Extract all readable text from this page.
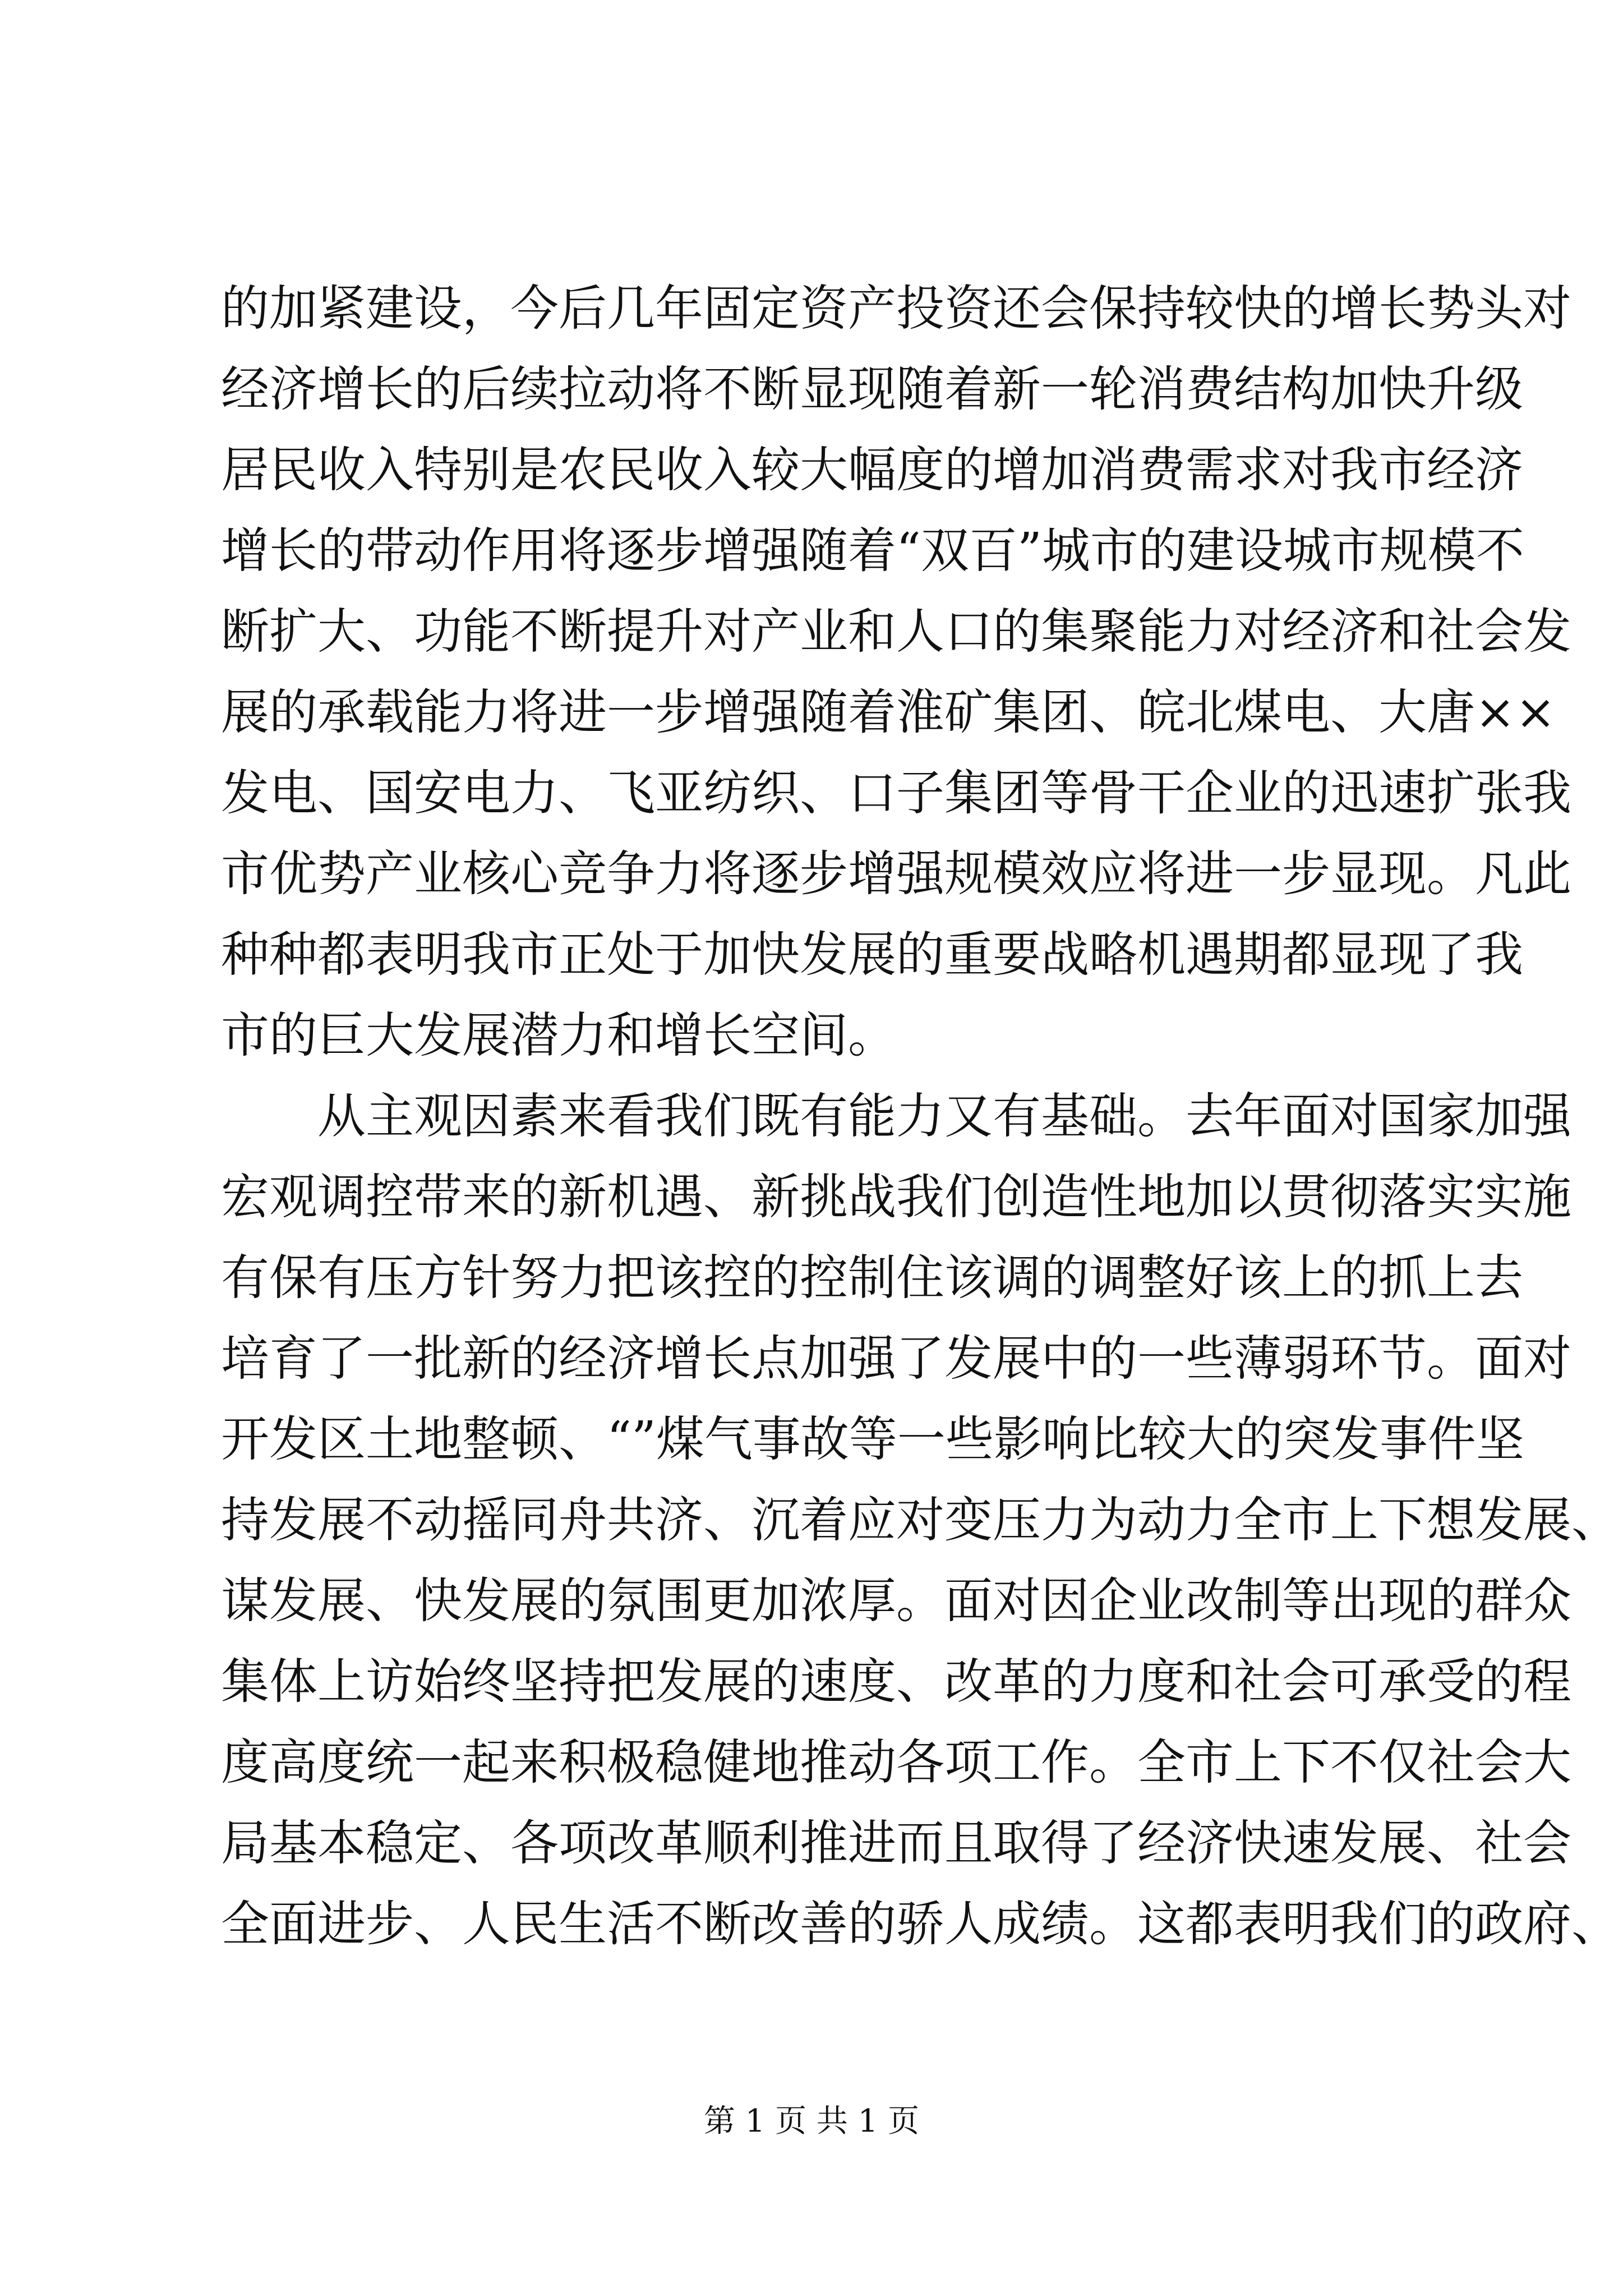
的加紧建设，今后几年固定资产投资还会保持较快的增长势头对
经济增长的后续拉动将不断显现随着新一轮消费结构加快升级
居民收入特别是农民收入较大幅度的增加消费需求对我市经济
增长的带动作用将逐步增强随着“双百”城市的建设城市规模不
断扩大、功能不断提升对产业和人口的集聚能力对经济和社会发
展的承载能力将进一步增强随着淮矿集团、皖北煤电、大唐××
发电、国安电力、飞亚纺织、口子集团等骨干企业的迅速扩张我
市优势产业核心竞争力将逐步增强规模效应将进一步显现。凡此
种种都表明我市正处于加快发展的重要战略机遇期都显现了我
市的巨大发展潜力和增长空间。
从主观因素来看我们既有能力又有基础。去年面对国家加强
宏观调控带来的新机遇、新挑战我们创造性地加以贯彻落实实施
有保有压方针努力把该控的控制住该调的调整好该上的抓上去
培育了一批新的经济增长点加强了发展中的一些薄弱环节。面对
开发区土地整顿、“”煤气事故等一些影响比较大的突发事件坚
持发展不动摇同舟共济、沉着应对变压力为动力全市上下想发展、
谋发展、快发展的氛围更加浓厚。面对因企业改制等出现的群众
集体上访始终坚持把发展的速度、改革的力度和社会可承受的程
度高度统一起来积极稳健地推动各项工作。全市上下不仅社会大
局基本稳定、各项改革顺利推进而且取得了经济快速发展、社会
全面进步、人民生活不断改善的骄人成绩。这都表明我们的政府、
第 1 页 共 1 页
